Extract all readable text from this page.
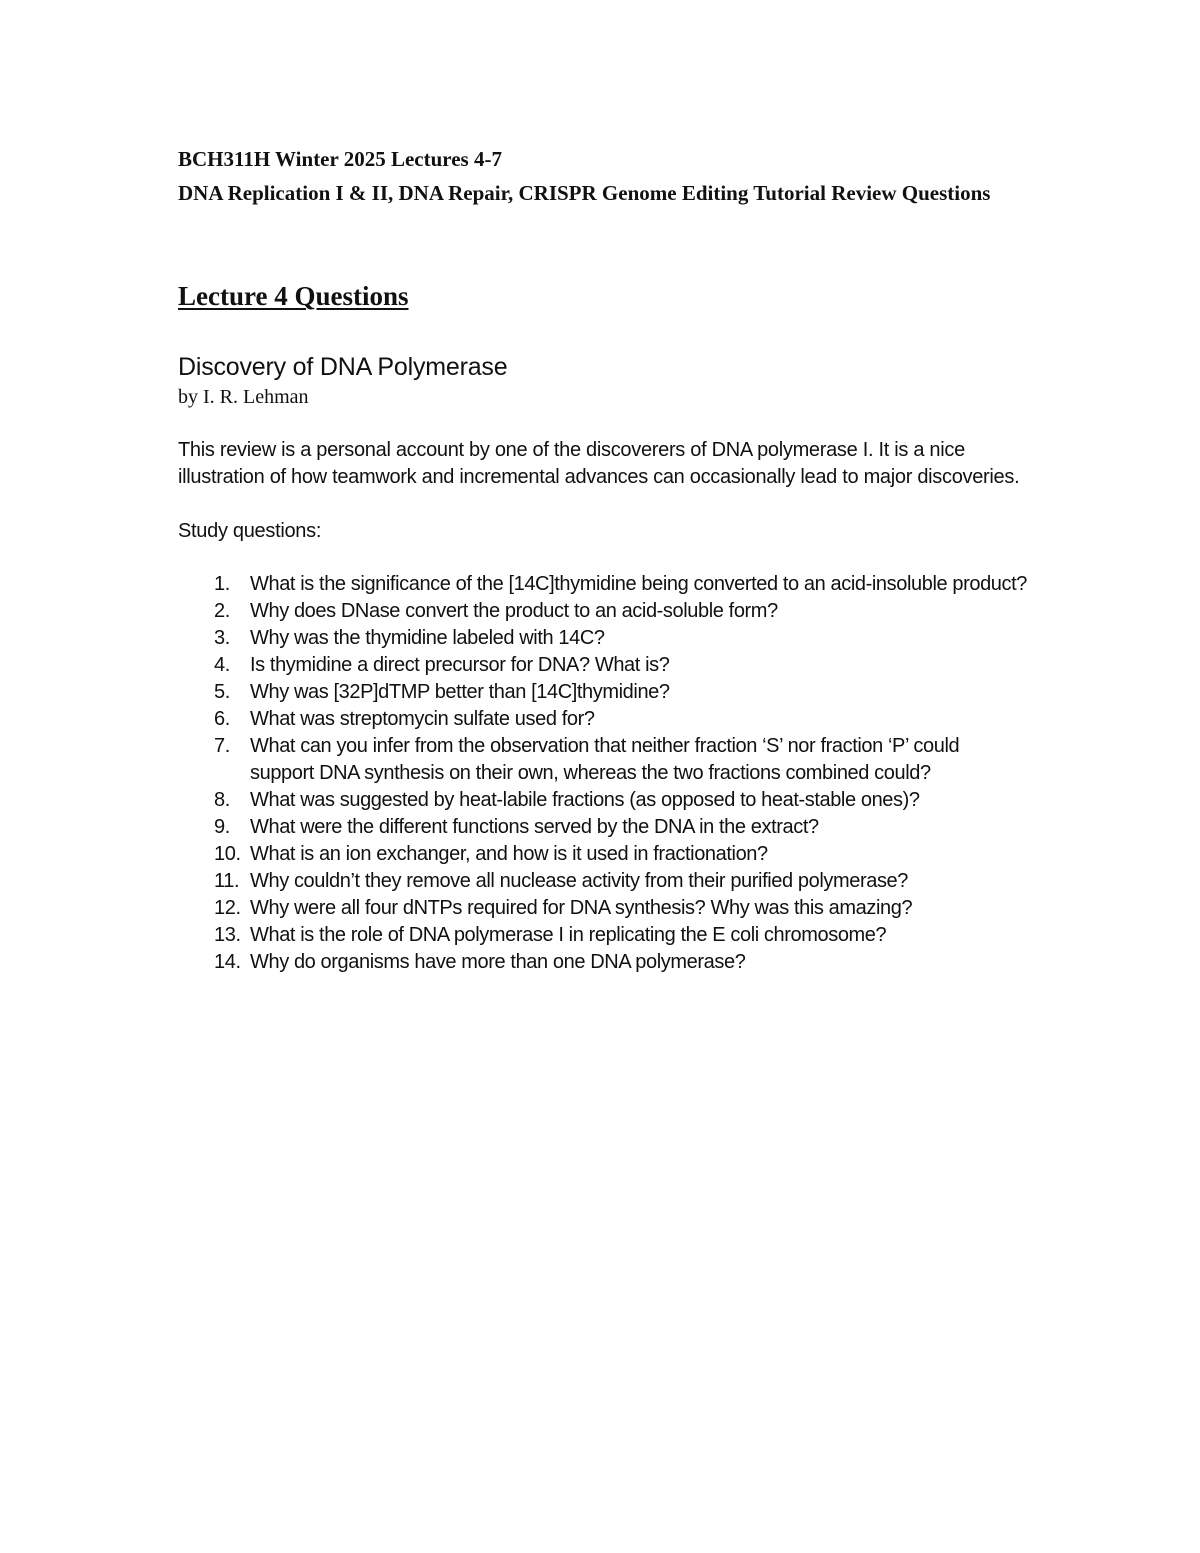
BCH311H Winter 2025 Lectures 4-7

DNA Replication I & II, DNA Repair, CRISPR Genome Editing Tutorial Review Questions

Lecture 4 Questions

Discovery of DNA Polymerase

by I. R. Lehman

This review is a personal account by one of the discoverers of DNA polymerase I. It is a nice illustration of how teamwork and incremental advances can occasionally lead to major discoveries.

Study questions:

1.	What is the significance of the [14C]thymidine being converted to an acid-insoluble product?
2.	Why does DNase convert the product to an acid-soluble form?
3.	Why was the thymidine labeled with 14C?
4.	Is thymidine a direct precursor for DNA? What is?
5.	Why was [32P]dTMP better than [14C]thymidine?
6.	What was streptomycin sulfate used for?
7.	What can you infer from the observation that neither fraction ‘S’ nor fraction ‘P’ could support DNA synthesis on their own, whereas the two fractions combined could?
8.	What was suggested by heat-labile fractions (as opposed to heat-stable ones)?
9.	What were the different functions served by the DNA in the extract?
10. What is an ion exchanger, and how is it used in fractionation?
11. Why couldn’t they remove all nuclease activity from their purified polymerase?
12. Why were all four dNTPs required for DNA synthesis? Why was this amazing?
13. What is the role of DNA polymerase I in replicating the E coli chromosome?
14. Why do organisms have more than one DNA polymerase?
